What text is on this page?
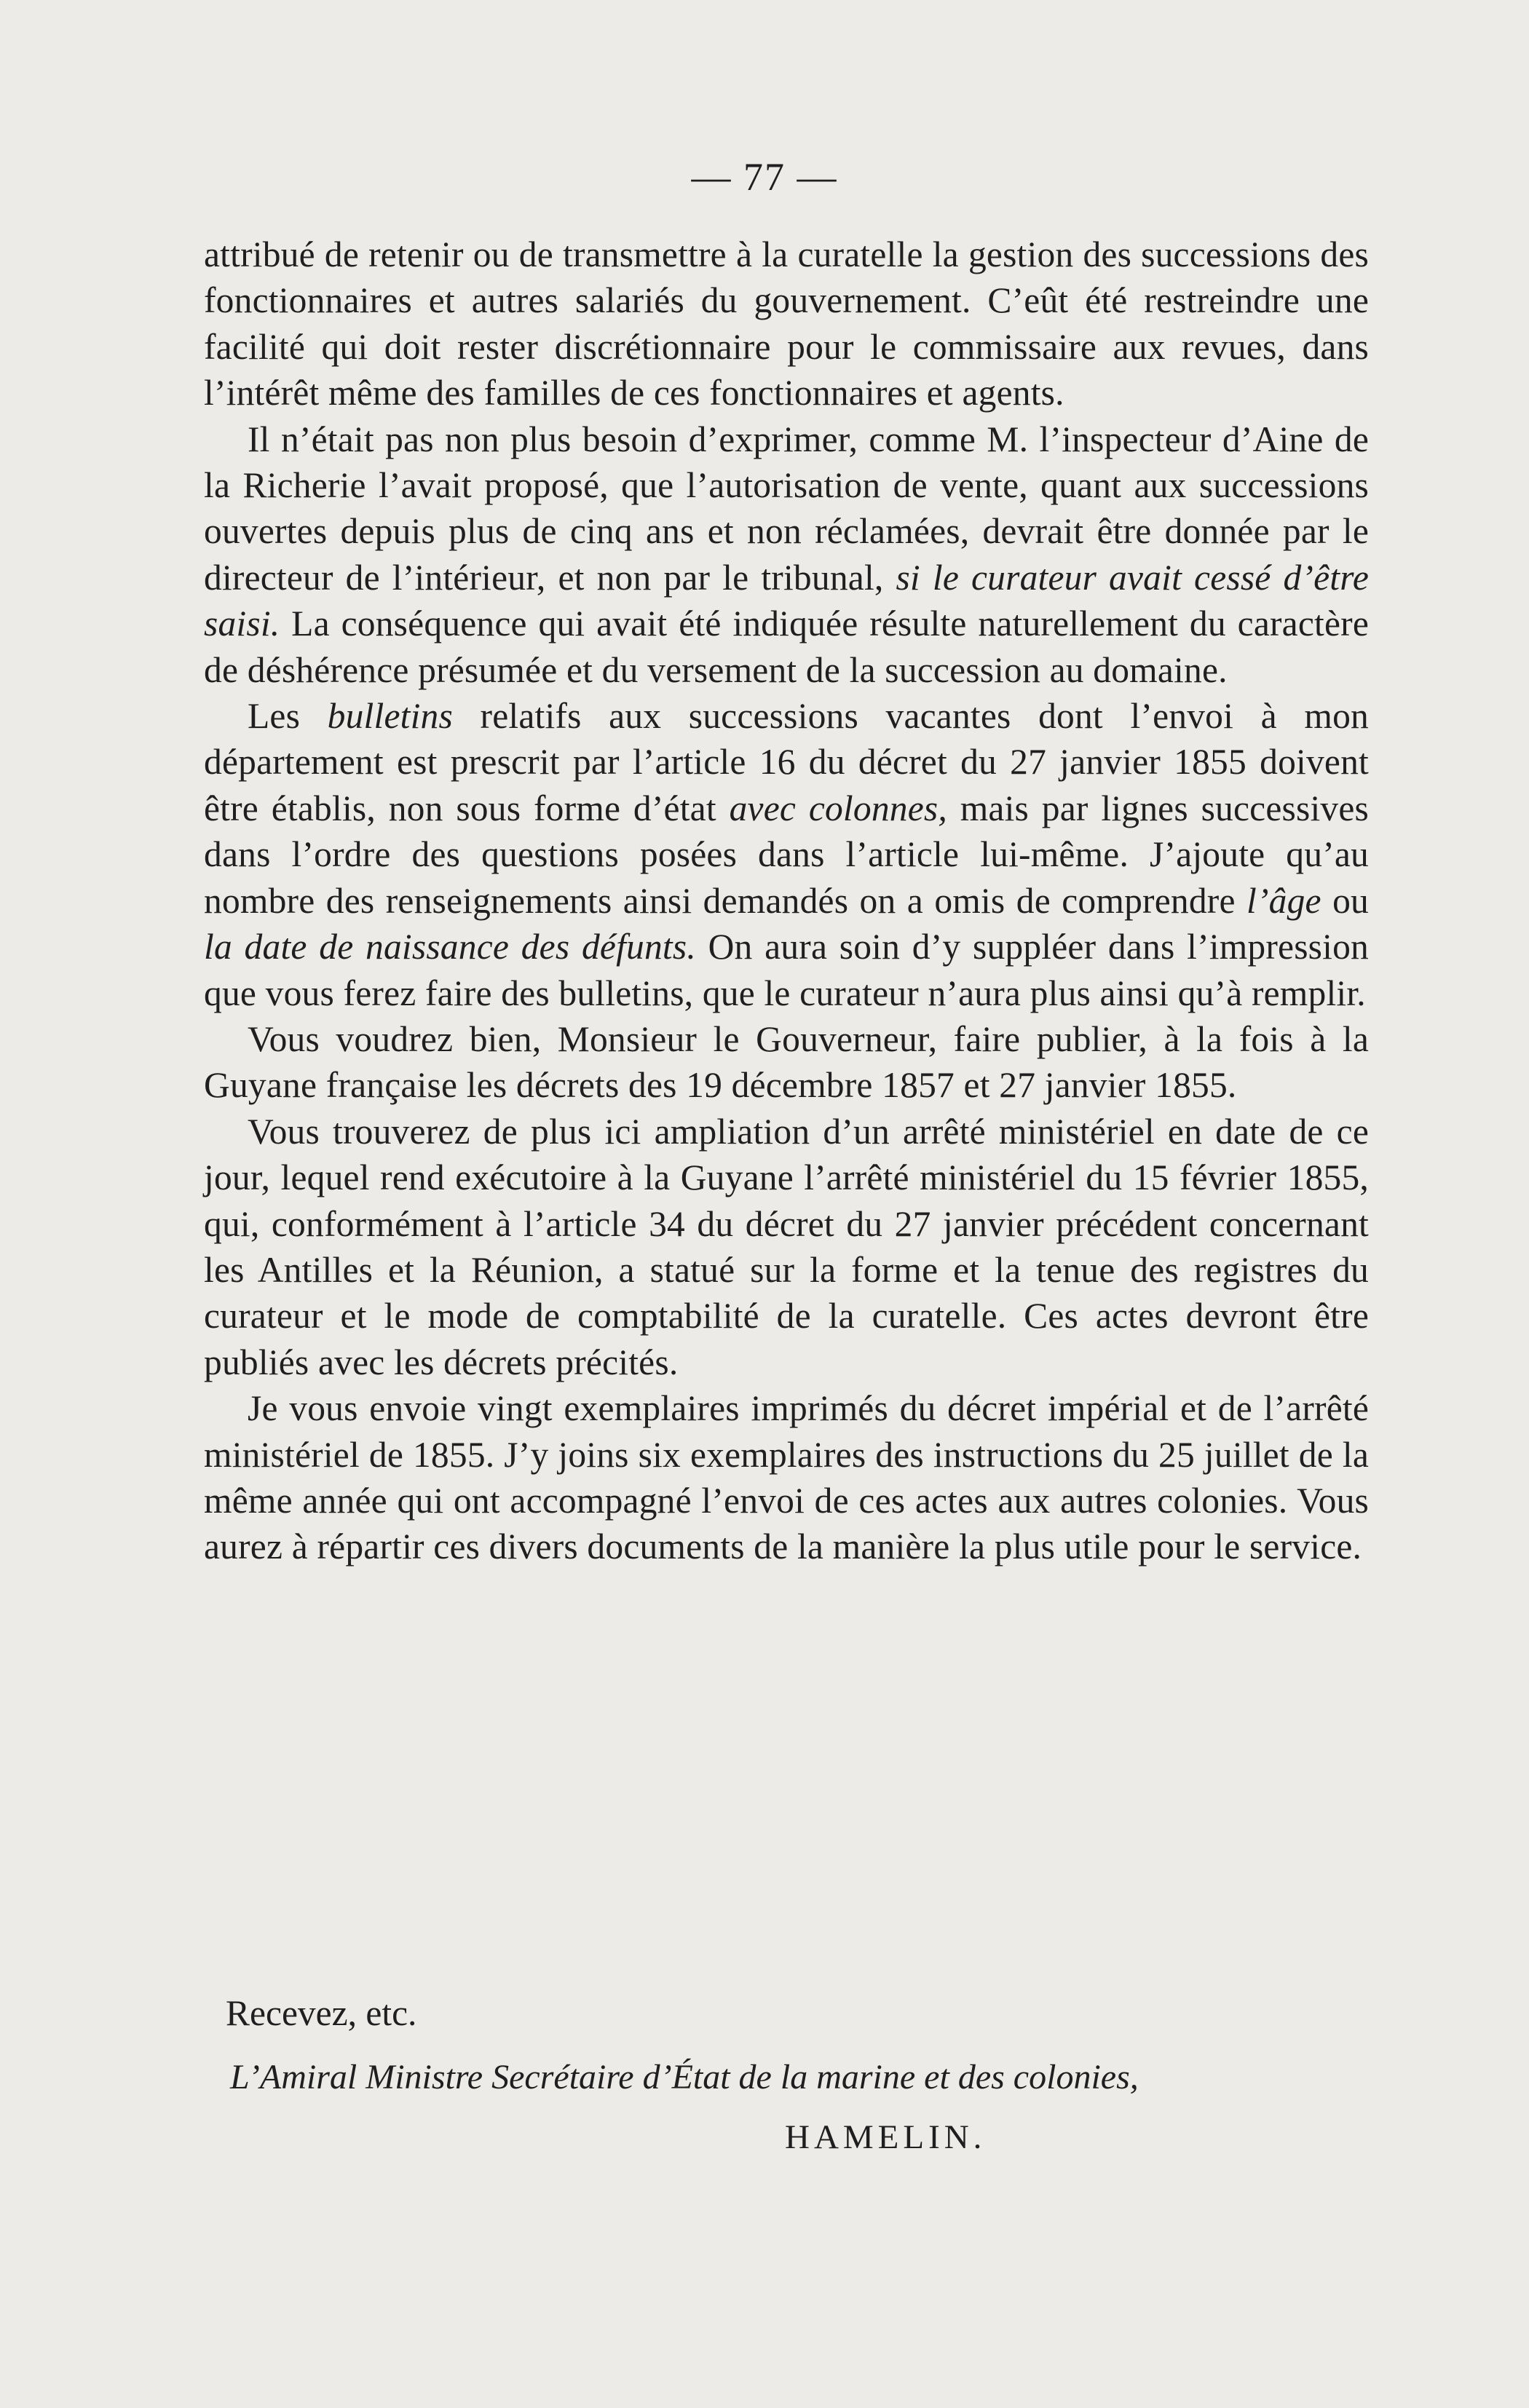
— 77 —

attribué de retenir ou de transmettre à la curatelle la gestion des successions des fonctionnaires et autres salariés du gouvernement. C’eût été restreindre une facilité qui doit rester discrétionnaire pour le commissaire aux revues, dans l’intérêt même des familles de ces fonctionnaires et agents.

Il n’était pas non plus besoin d’exprimer, comme M. l’inspecteur d’Aine de la Richerie l’avait proposé, que l’autorisation de vente, quant aux successions ouvertes depuis plus de cinq ans et non réclamées, devrait être donnée par le directeur de l’intérieur, et non par le tribunal, si le curateur avait cessé d’être saisi. La conséquence qui avait été indiquée résulte naturellement du caractère de déshérence présumée et du versement de la succession au domaine.

Les bulletins relatifs aux successions vacantes dont l’envoi à mon département est prescrit par l’article 16 du décret du 27 janvier 1855 doivent être établis, non sous forme d’état avec colonnes, mais par lignes successives dans l’ordre des questions posées dans l’article lui-même. J’ajoute qu’au nombre des renseignements ainsi demandés on a omis de comprendre l’âge ou la date de naissance des défunts. On aura soin d’y suppléer dans l’impression que vous ferez faire des bulletins, que le curateur n’aura plus ainsi qu’à remplir.

Vous voudrez bien, Monsieur le Gouverneur, faire publier, à la fois à la Guyane française les décrets des 19 décembre 1857 et 27 janvier 1855.

Vous trouverez de plus ici ampliation d’un arrêté ministériel en date de ce jour, lequel rend exécutoire à la Guyane l’arrêté ministériel du 15 février 1855, qui, conformément à l’article 34 du décret du 27 janvier précédent concernant les Antilles et la Réunion, a statué sur la forme et la tenue des registres du curateur et le mode de comptabilité de la curatelle. Ces actes devront être publiés avec les décrets précités.

Je vous envoie vingt exemplaires imprimés du décret impérial et de l’arrêté ministériel de 1855. J’y joins six exemplaires des instructions du 25 juillet de la même année qui ont accompagné l’envoi de ces actes aux autres colonies. Vous aurez à répartir ces divers documents de la manière la plus utile pour le service.

Recevez, etc.
L’Amiral Ministre Secrétaire d’État de la marine et des colonies,
HAMELIN.
